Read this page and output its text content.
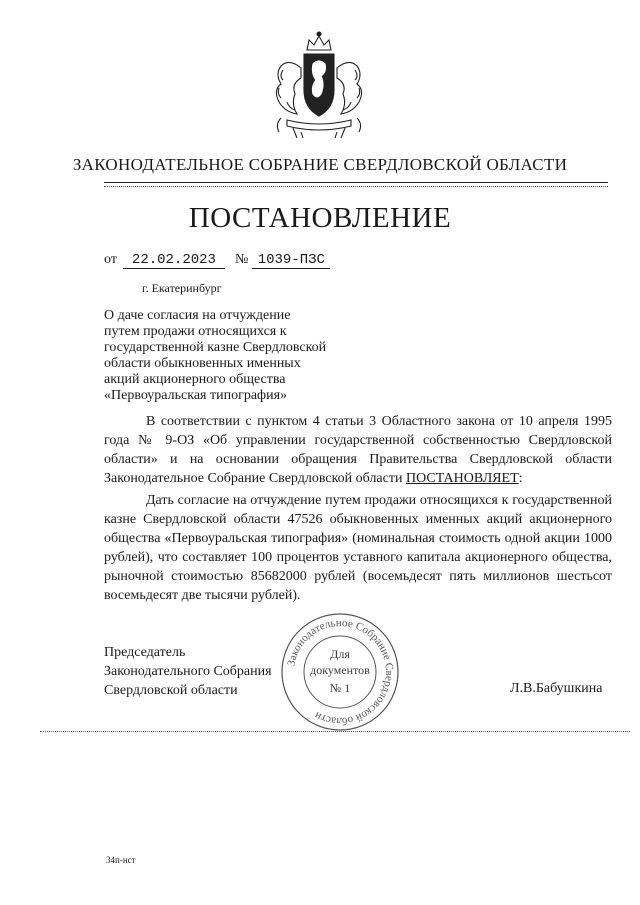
ЗАКОНОДАТЕЛЬНОЕ СОБРАНИЕ СВЕРДЛОВСКОЙ ОБЛАСТИ
ПОСТАНОВЛЕНИЕ
от	22.02.2023	№ 1039-ПЗС
г. Екатеринбург
О даче согласия на отчуждение
путем продажи относящихся к
государственной казне Свердловской
области обыкновенных именных
акций акционерного общества
«Первоуральская типография»
В соответствии с пунктом 4 статьи 3 Областного закона от 10 апреля 1995 года № 9-ОЗ «Об управлении государственной собственностью Свердловской области» и на основании обращения Правительства Свердловской области Законодательное Собрание Свердловской области ПОСТАНОВЛЯЕТ:
Дать согласие на отчуждение путем продажи относящихся к государственной казне Свердловской области 47526 обыкновенных именных акций акционерного общества «Первоуральская типография» (номинальная стоимость одной акции 1000 рублей), что составляет 100 процентов уставного капитала акционерного общества, рыночной стоимостью 85682000 рублей (восемьдесят пять миллионов шестьсот восемьдесят две тысячи рублей).
Законодательное Собрание Свердловской области
Для
документов
№ 1
Председатель
Законодательного Собрания
Свердловской области	Л.В.Бабушкина
34п-нст
